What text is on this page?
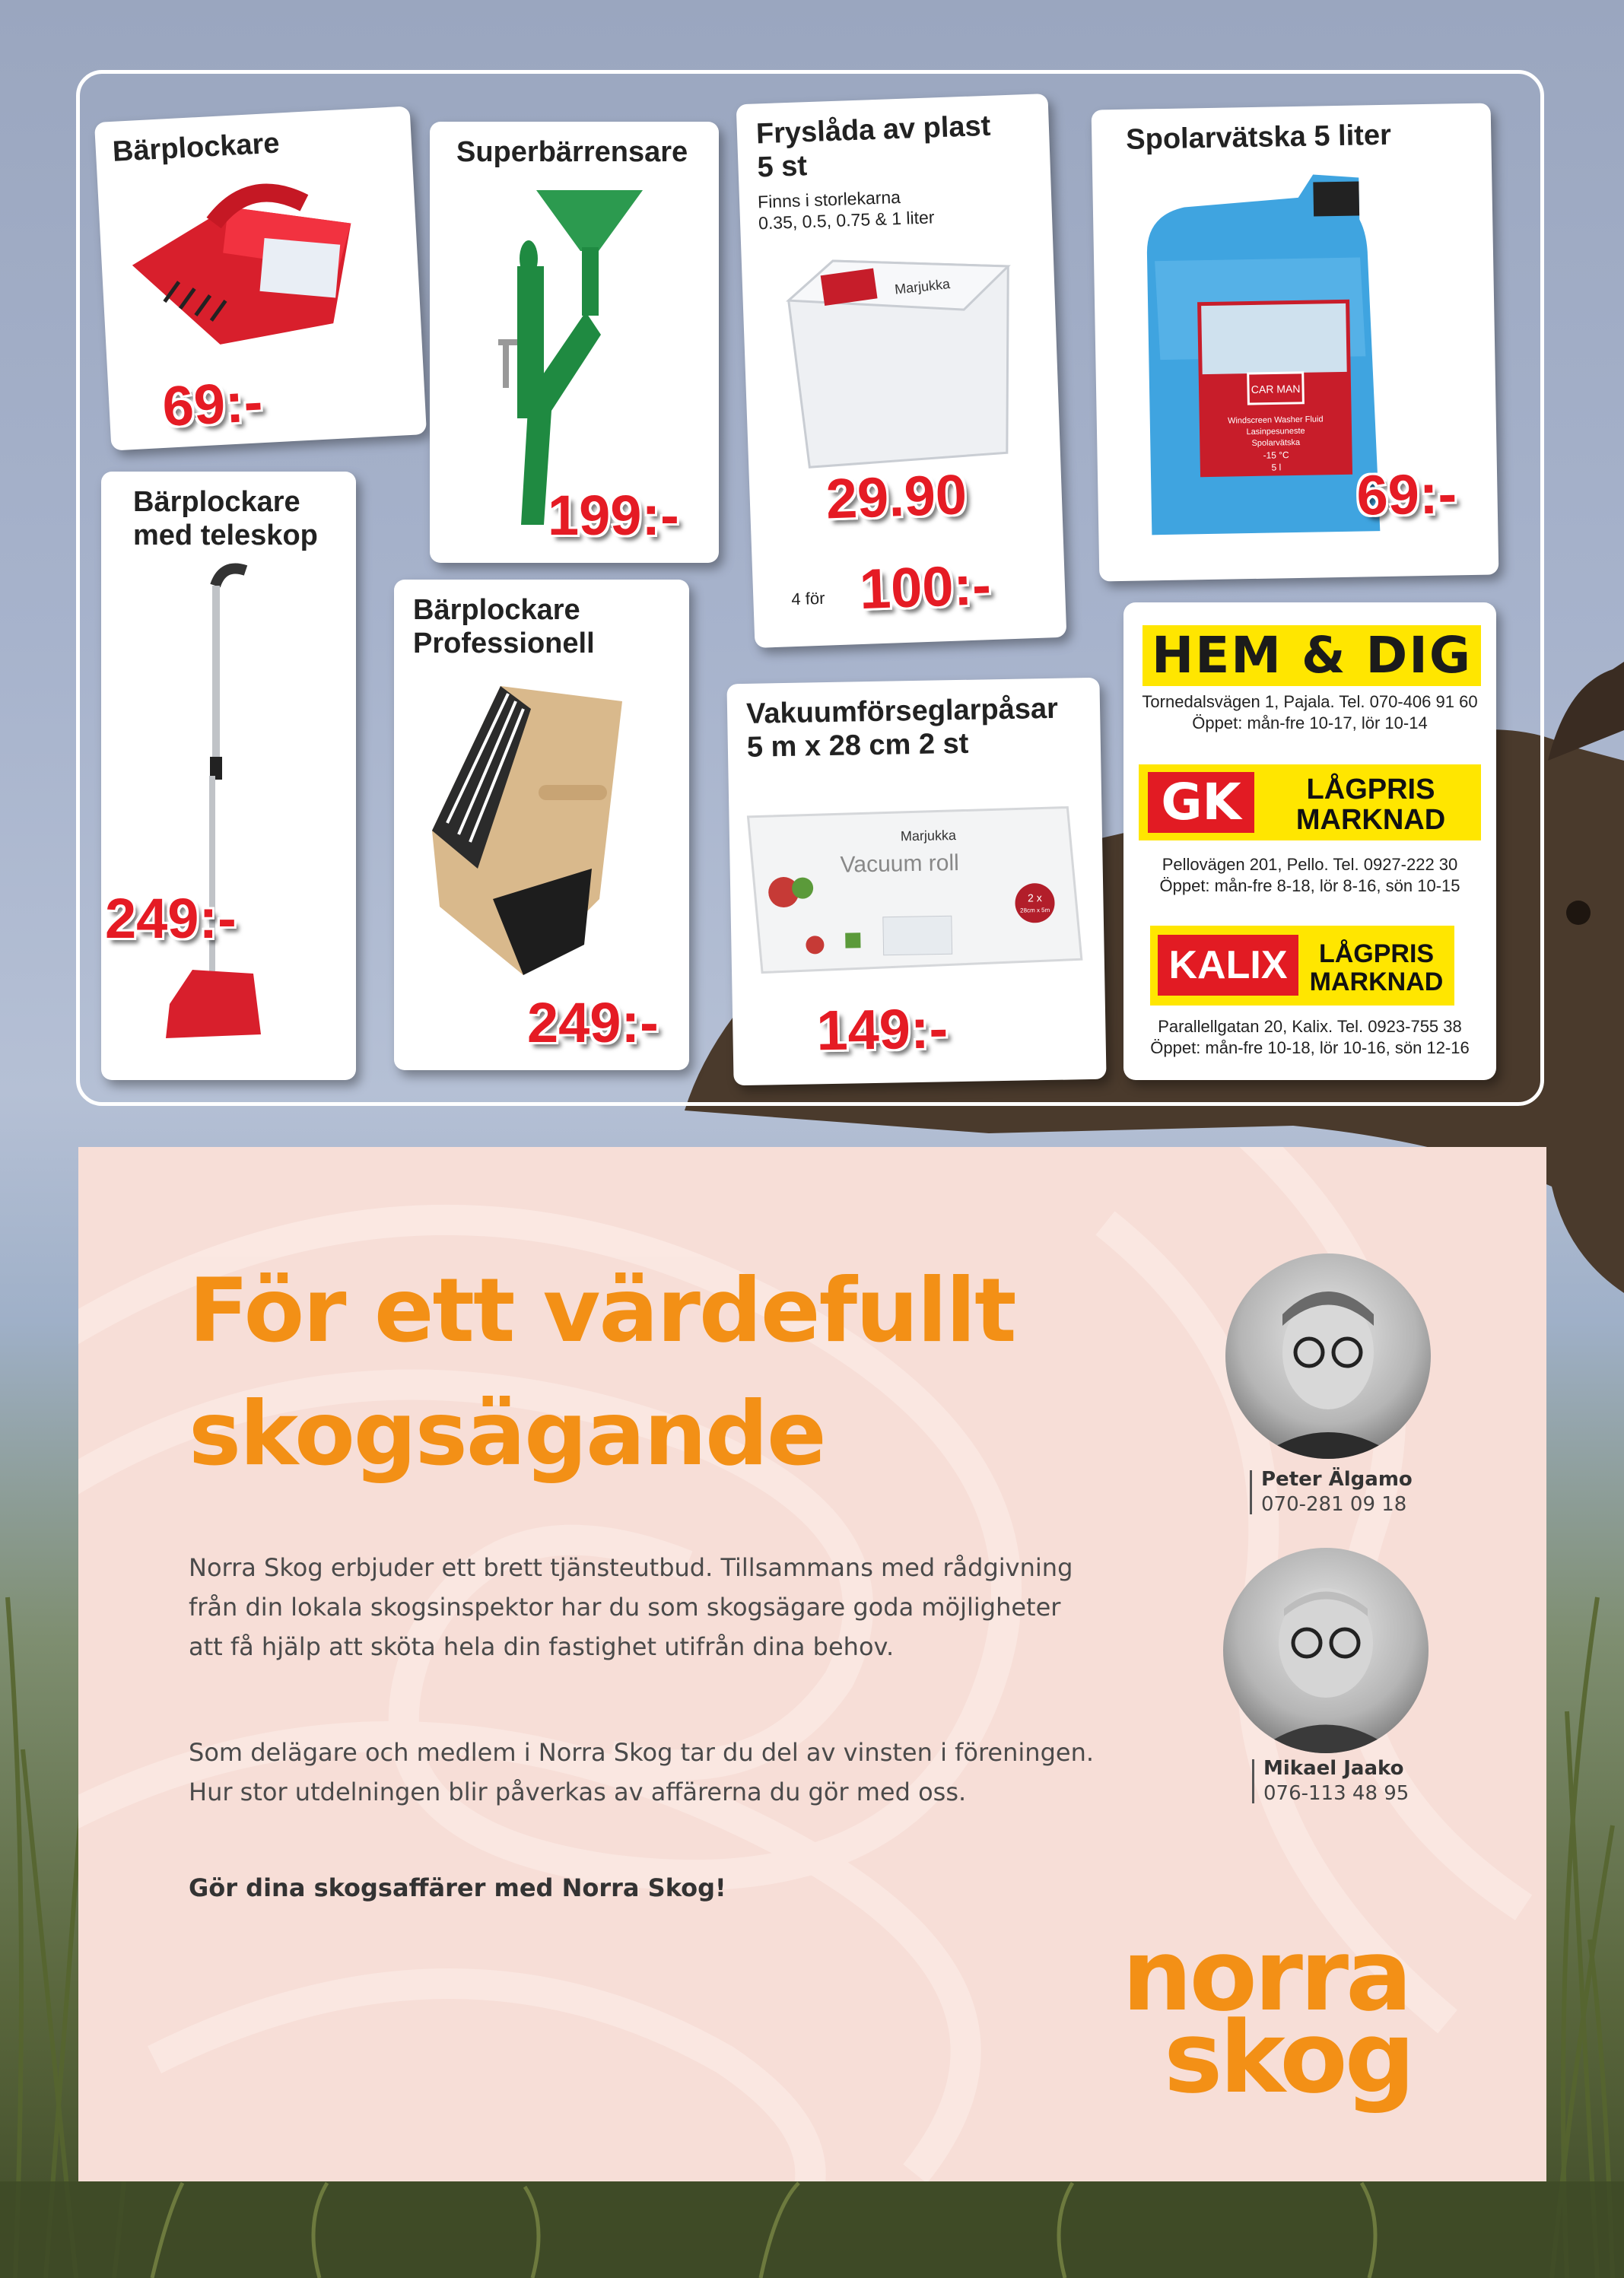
Bärplockare
69:-
Superbärrensare
199:-
Fryslåda av plast
5 st
Finns i storlekarna
0.35, 0.5, 0.75 & 1 liter
Marjukka
29.90
4 för 100:-
Spolarvätska 5 liter
CAR MAN
Windscreen Washer Fluid
Lasinpesuneste
Spolarvätska
-15 °C
5 l 69:-
Bärplockare
med teleskop
249:-
Bärplockare
Professionell
249:-
Vakuumförseglarpåsar
5 m x 28 cm 2 st
Marjukka
Vacuum roll
2 x
28cm x 5m
149:-
HEM & DIG
Tornedalsvägen 1, Pajala. Tel. 070-406 91 60
Öppet: mån-fre 10-17, lör 10-14
GK	LÅGPRIS
MARKNAD
Pellovägen 201, Pello. Tel. 0927-222 30
Öppet: mån-fre 8-18, lör 8-16, sön 10-15
KALIX	LÅGPRIS
MARKNAD
Parallellgatan 20, Kalix. Tel. 0923-755 38
Öppet: mån-fre 10-18, lör 10-16, sön 12-16
För ett värdefullt
skogsägande
Norra Skog erbjuder ett brett tjänsteutbud. Tillsammans med rådgivning från din lokala skogsinspektor har du som skogsägare goda möjligheter att få hjälp att sköta hela din fastighet utifrån dina behov.
Som delägare och medlem i Norra Skog tar du del av vinsten i föreningen. Hur stor utdelningen blir påverkas av affärerna du gör med oss.
Gör dina skogsaffärer med Norra Skog!
Peter Älgamo
070-281 09 18
Mikael Jaako
076-113 48 95
norra
skog
